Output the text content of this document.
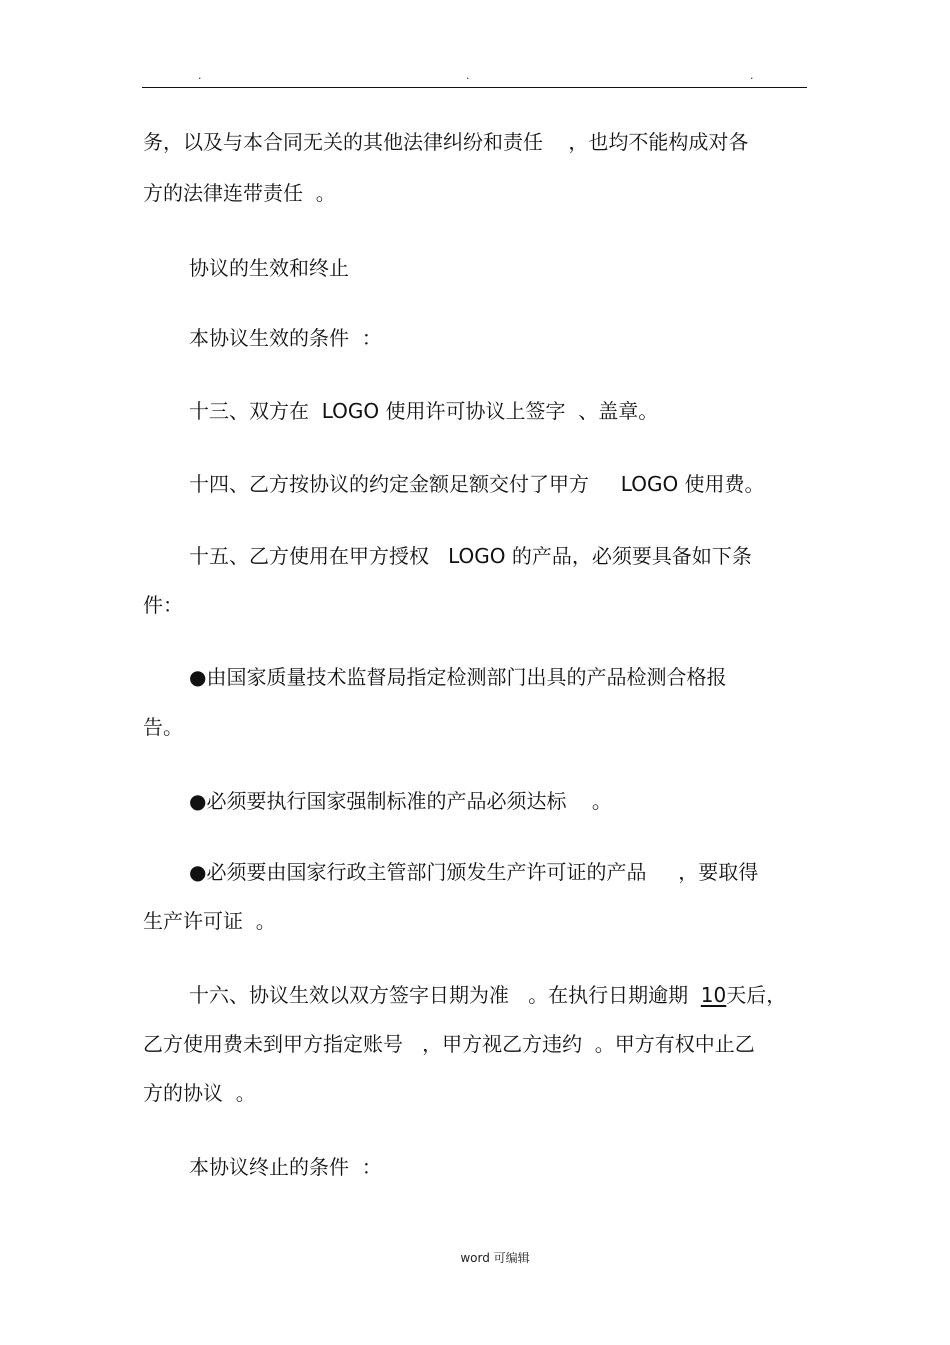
.	.	.
务，以及与本合同无关的其他法律纠纷和责任    ，也均不能构成对各
方的法律连带责任  。
协议的生效和终止
本协议生效的条件  ：
十三、双方在  LOGO 使用许可协议上签字  、盖章。
十四、乙方按协议的约定金额足额交付了甲方     LOGO 使用费。
十五、乙方使用在甲方授权   LOGO 的产品，必须要具备如下条
件：
●由国家质量技术监督局指定检测部门出具的产品检测合格报
告。
●必须要执行国家强制标准的产品必须达标    。
●必须要由国家行政主管部门颁发生产许可证的产品     ，要取得
生产许可证  。
十六、协议生效以双方签字日期为准   。在执行日期逾期  10天后，
乙方使用费未到甲方指定账号   ，甲方视乙方违约  。甲方有权中止乙
方的协议  。
本协议终止的条件  ：
word 可编辑
